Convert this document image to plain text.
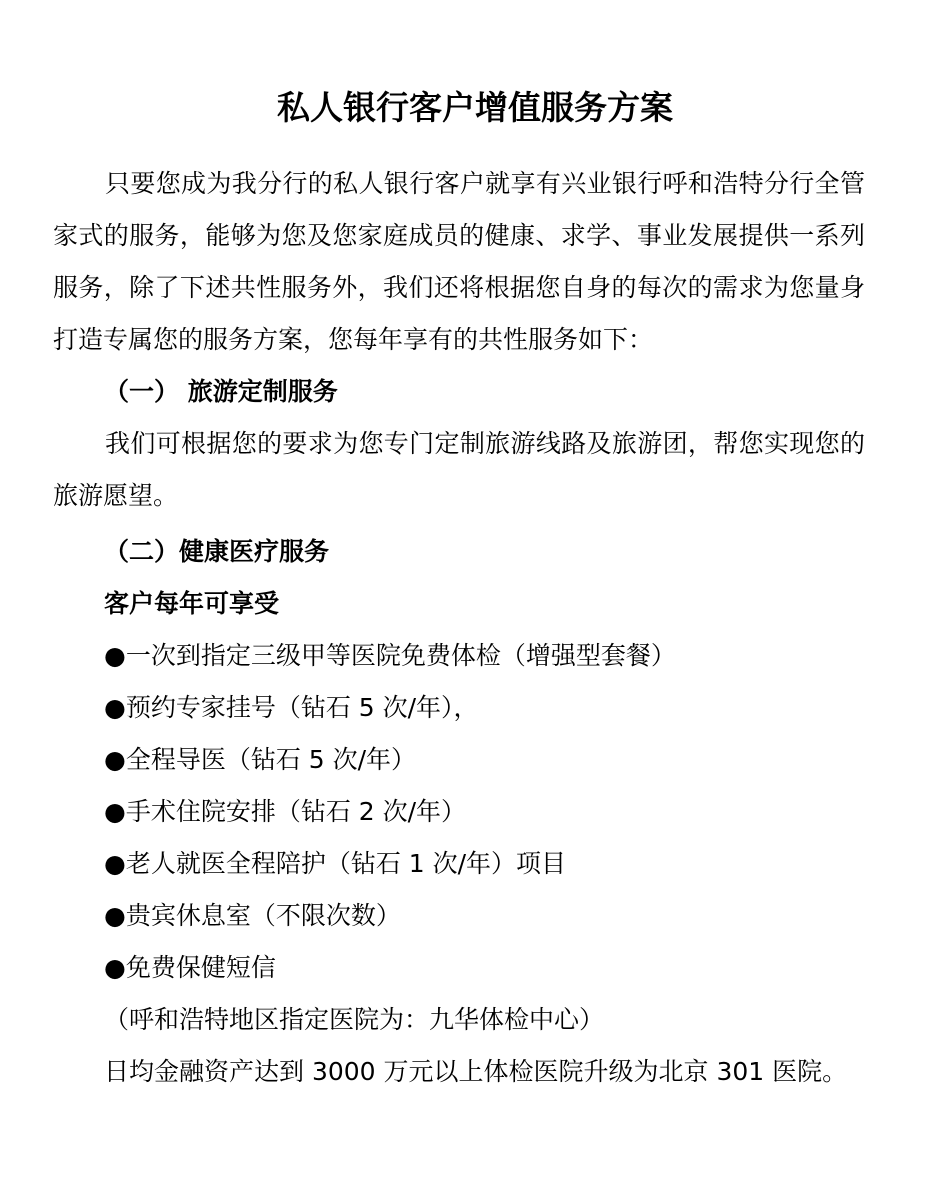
私人银行客户增值服务方案

只要您成为我分行的私人银行客户就享有兴业银行呼和浩特分行全管家式的服务，能够为您及您家庭成员的健康、求学、事业发展提供一系列服务，除了下述共性服务外，我们还将根据您自身的每次的需求为您量身打造专属您的服务方案，您每年享有的共性服务如下：

（一） 旅游定制服务

我们可根据您的要求为您专门定制旅游线路及旅游团，帮您实现您的旅游愿望。

（二）健康医疗服务

客户每年可享受

●一次到指定三级甲等医院免费体检（增强型套餐）

●预约专家挂号（钻石 5 次/年），

●全程导医（钻石 5 次/年）

●手术住院安排（钻石 2 次/年）

●老人就医全程陪护（钻石 1 次/年）项目

●贵宾休息室（不限次数）

●免费保健短信

（呼和浩特地区指定医院为：九华体检中心）

日均金融资产达到 3000 万元以上体检医院升级为北京 301 医院。
